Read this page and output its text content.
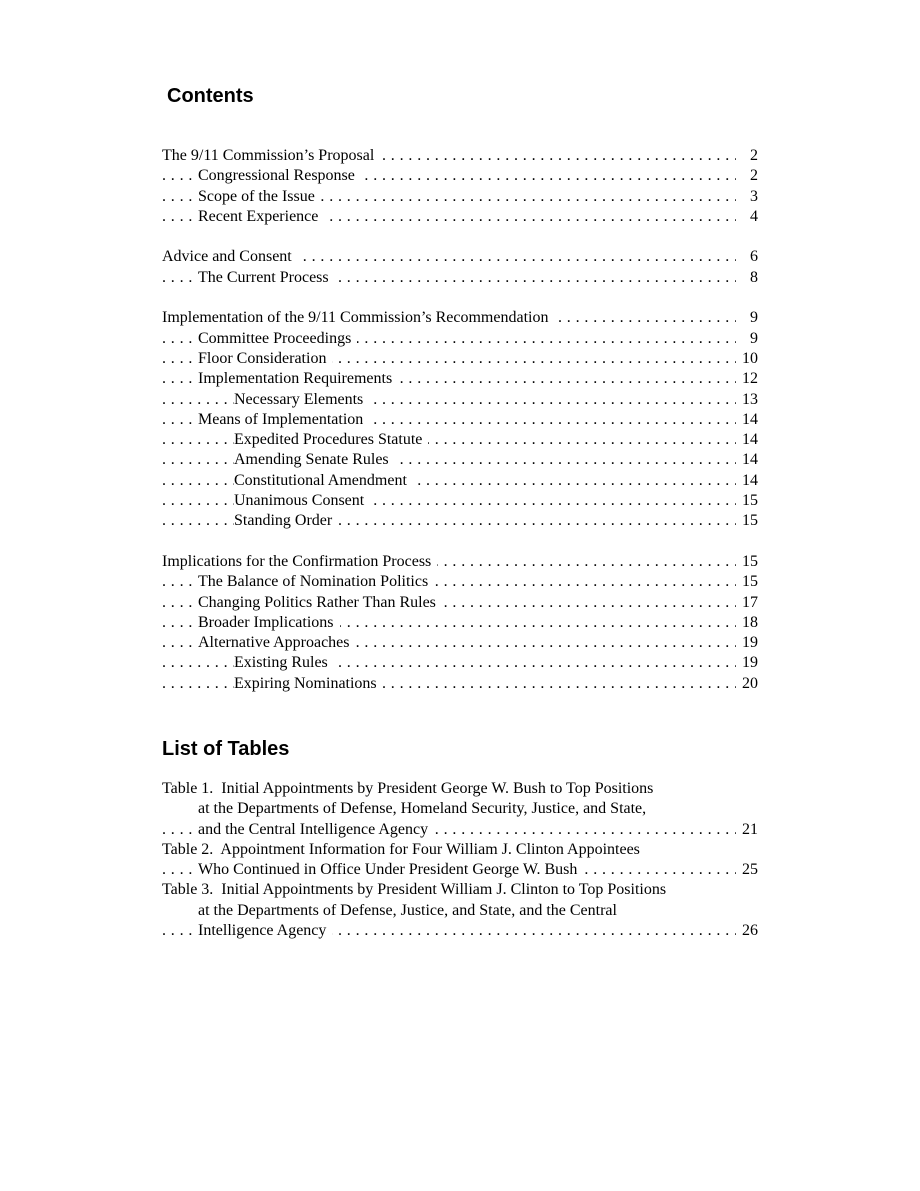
Contents
The 9/11 Commission’s Proposal	2
. . .
Congressional Response	2
. . .
Scope of the Issue	3
. . .
Recent Experience	4
. . .
Advice and Consent	6
. . .
The Current Process	8
. . .
Implementation of the 9/11 Commission’s Recommendation	9
. . .
Committee Proceedings	9
. . .
Floor Consideration	10
. . .
Implementation Requirements	12
. . .
Necessary Elements	13
. . .
Means of Implementation	14
. . .
Expedited Procedures Statute	14
. . .
Amending Senate Rules	14
. . .
Constitutional Amendment	14
. . .
Unanimous Consent	15
. . .
Standing Order	15
. . .
Implications for the Confirmation Process	15
. . .
The Balance of Nomination Politics	15
. . .
Changing Politics Rather Than Rules	17
. . .
Broader Implications	18
. . .
Alternative Approaches	19
. . .
Existing Rules	19
. . .
Expiring Nominations	20
. . .
List of Tables
Table 1.  Initial Appointments by President George W. Bush to Top Positions
at the Departments of Defense, Homeland Security, Justice, and State,
and the Central Intelligence Agency	21
. . .
Table 2.  Appointment Information for Four William J. Clinton Appointees
Who Continued in Office Under President George W. Bush	25
. . .
Table 3.  Initial Appointments by President William J. Clinton to Top Positions
at the Departments of Defense, Justice, and State, and the Central
Intelligence Agency	26
. . .
